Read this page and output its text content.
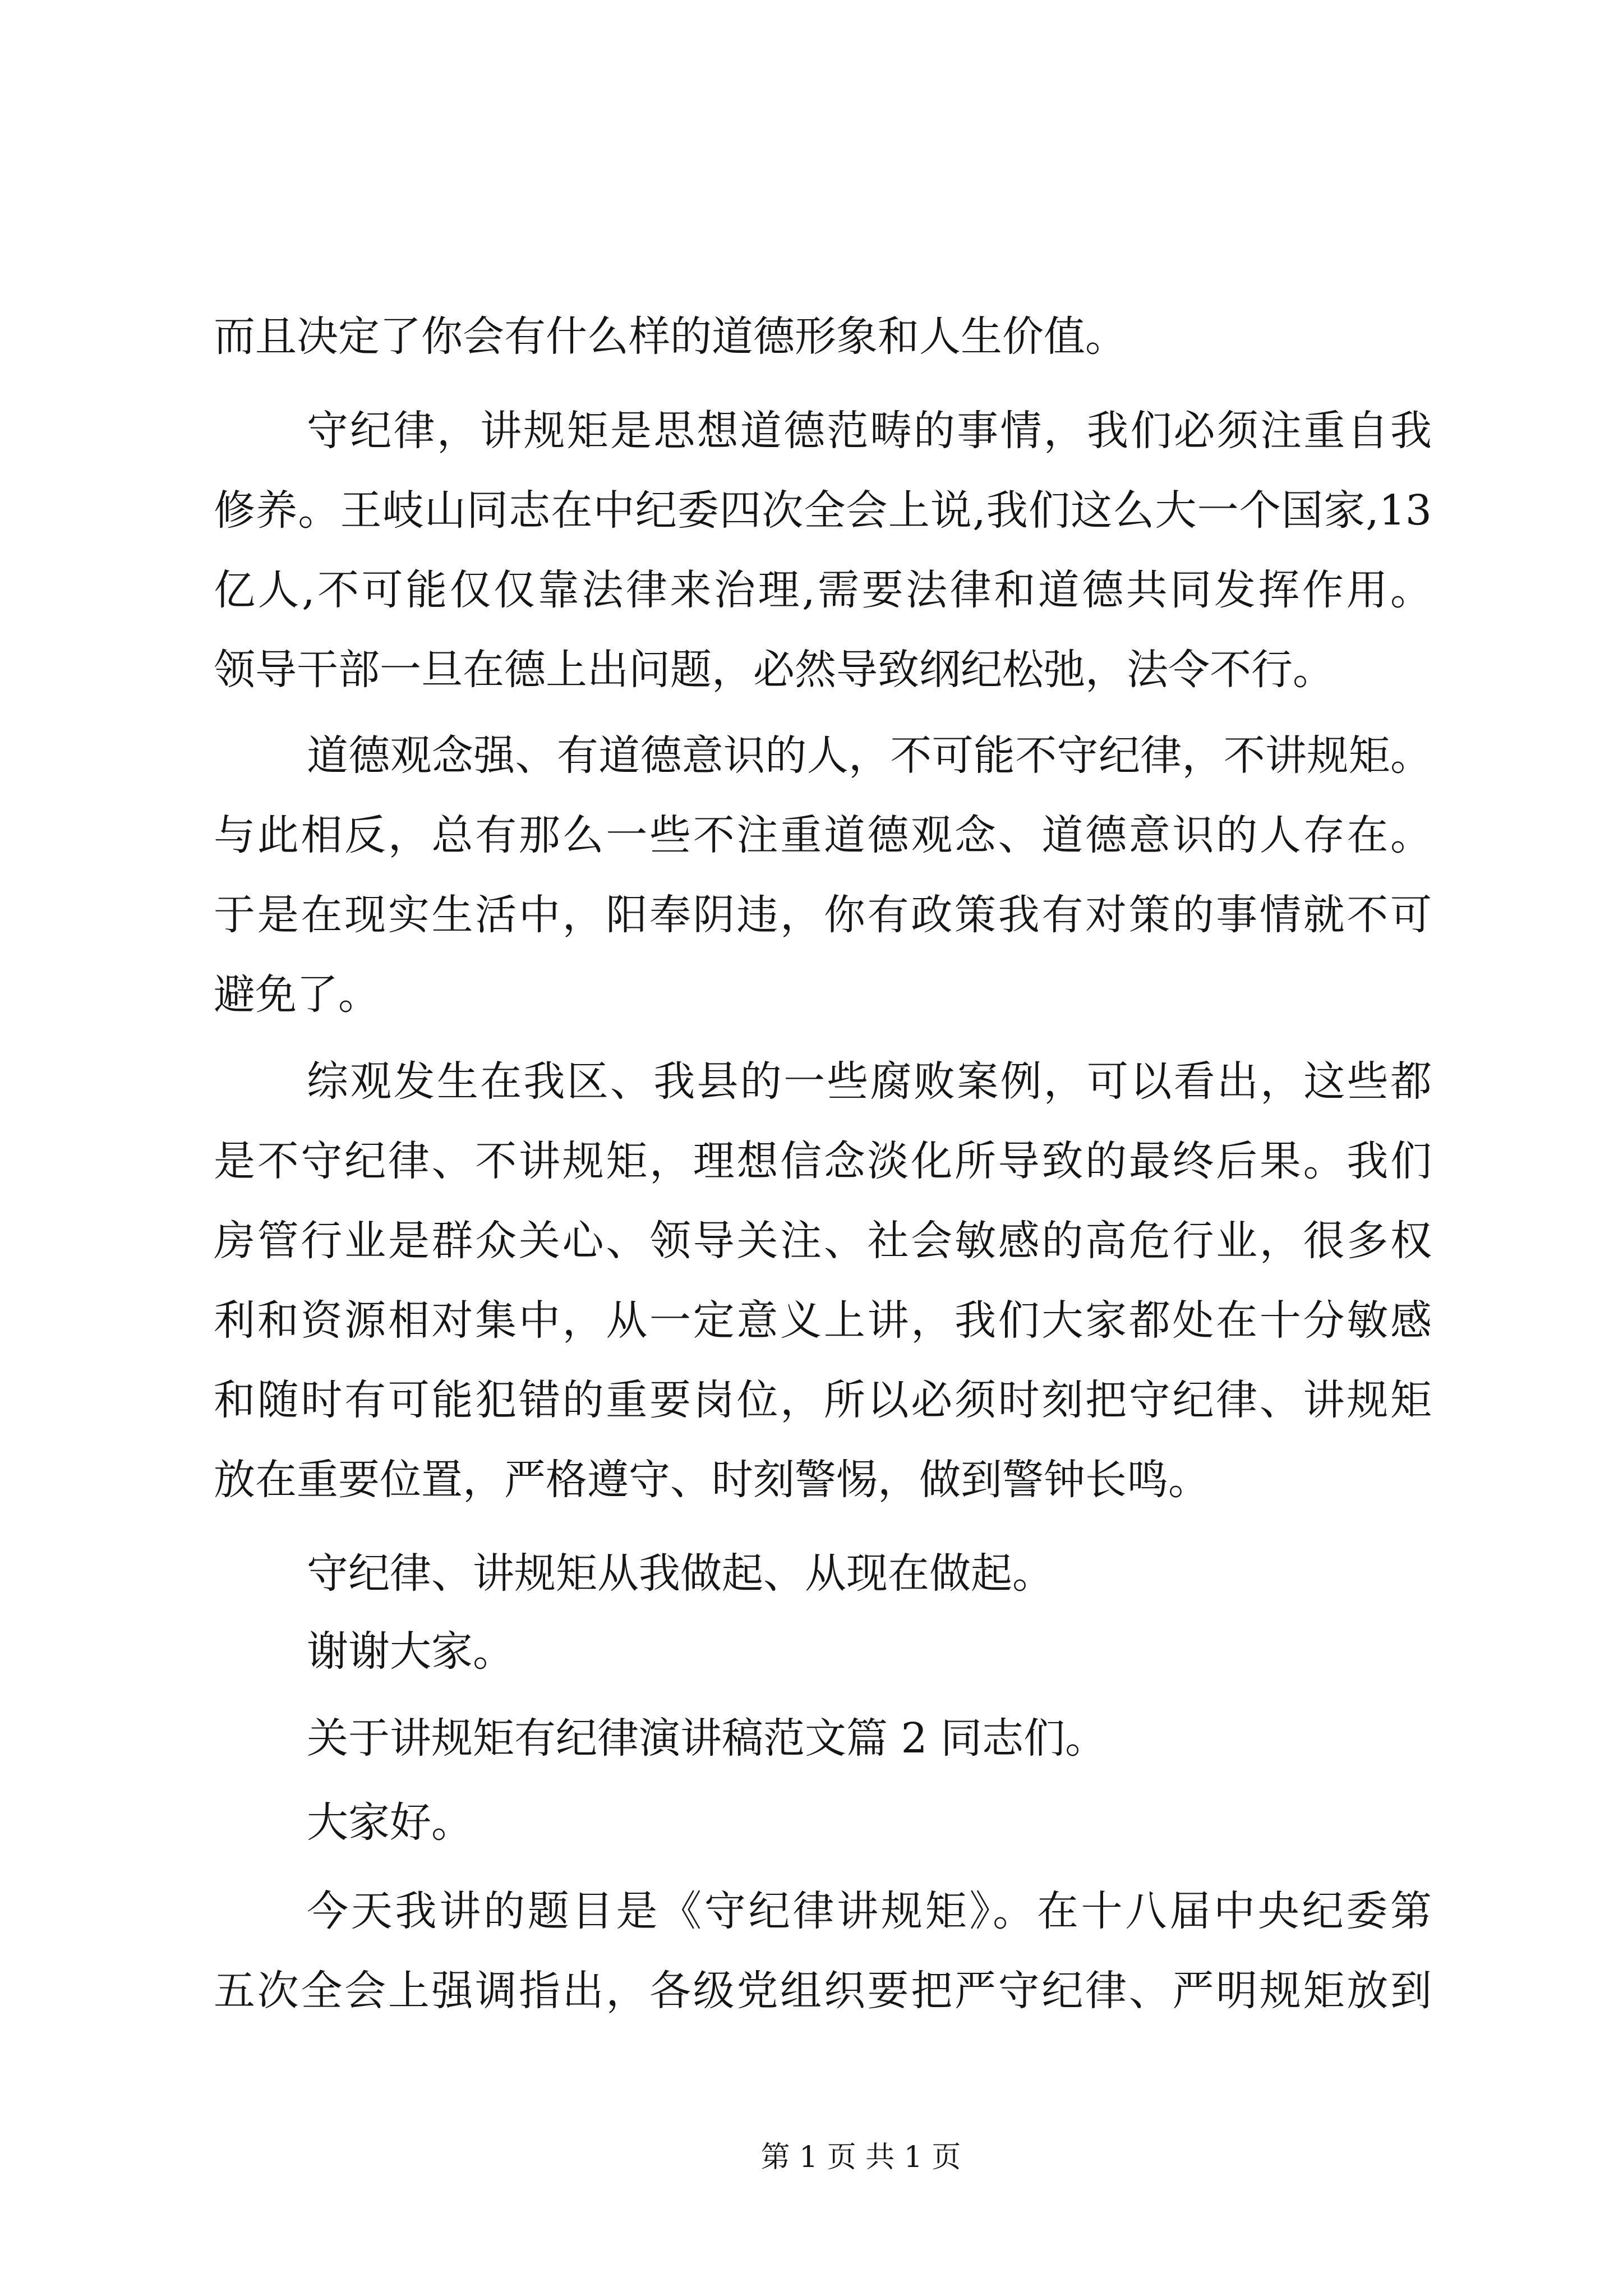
而且决定了你会有什么样的道德形象和人生价值。
守纪律，讲规矩是思想道德范畴的事情，我们必须注重自我
修养。王岐山同志在中纪委四次全会上说,我们这么大一个国家,13
亿人,不可能仅仅靠法律来治理,需要法律和道德共同发挥作用。
领导干部一旦在德上出问题，必然导致纲纪松弛，法令不行。
道德观念强、有道德意识的人，不可能不守纪律，不讲规矩。
与此相反，总有那么一些不注重道德观念、道德意识的人存在。
于是在现实生活中，阳奉阴违，你有政策我有对策的事情就不可
避免了。
综观发生在我区、我县的一些腐败案例，可以看出，这些都
是不守纪律、不讲规矩，理想信念淡化所导致的最终后果。我们
房管行业是群众关心、领导关注、社会敏感的高危行业，很多权
利和资源相对集中，从一定意义上讲，我们大家都处在十分敏感
和随时有可能犯错的重要岗位，所以必须时刻把守纪律、讲规矩
放在重要位置，严格遵守、时刻警惕，做到警钟长鸣。
守纪律、讲规矩从我做起、从现在做起。
谢谢大家。
关于讲规矩有纪律演讲稿范文篇 2 同志们。
大家好。
今天我讲的题目是《守纪律讲规矩》。在十八届中央纪委第
五次全会上强调指出，各级党组织要把严守纪律、严明规矩放到
第 1 页 共 1 页
